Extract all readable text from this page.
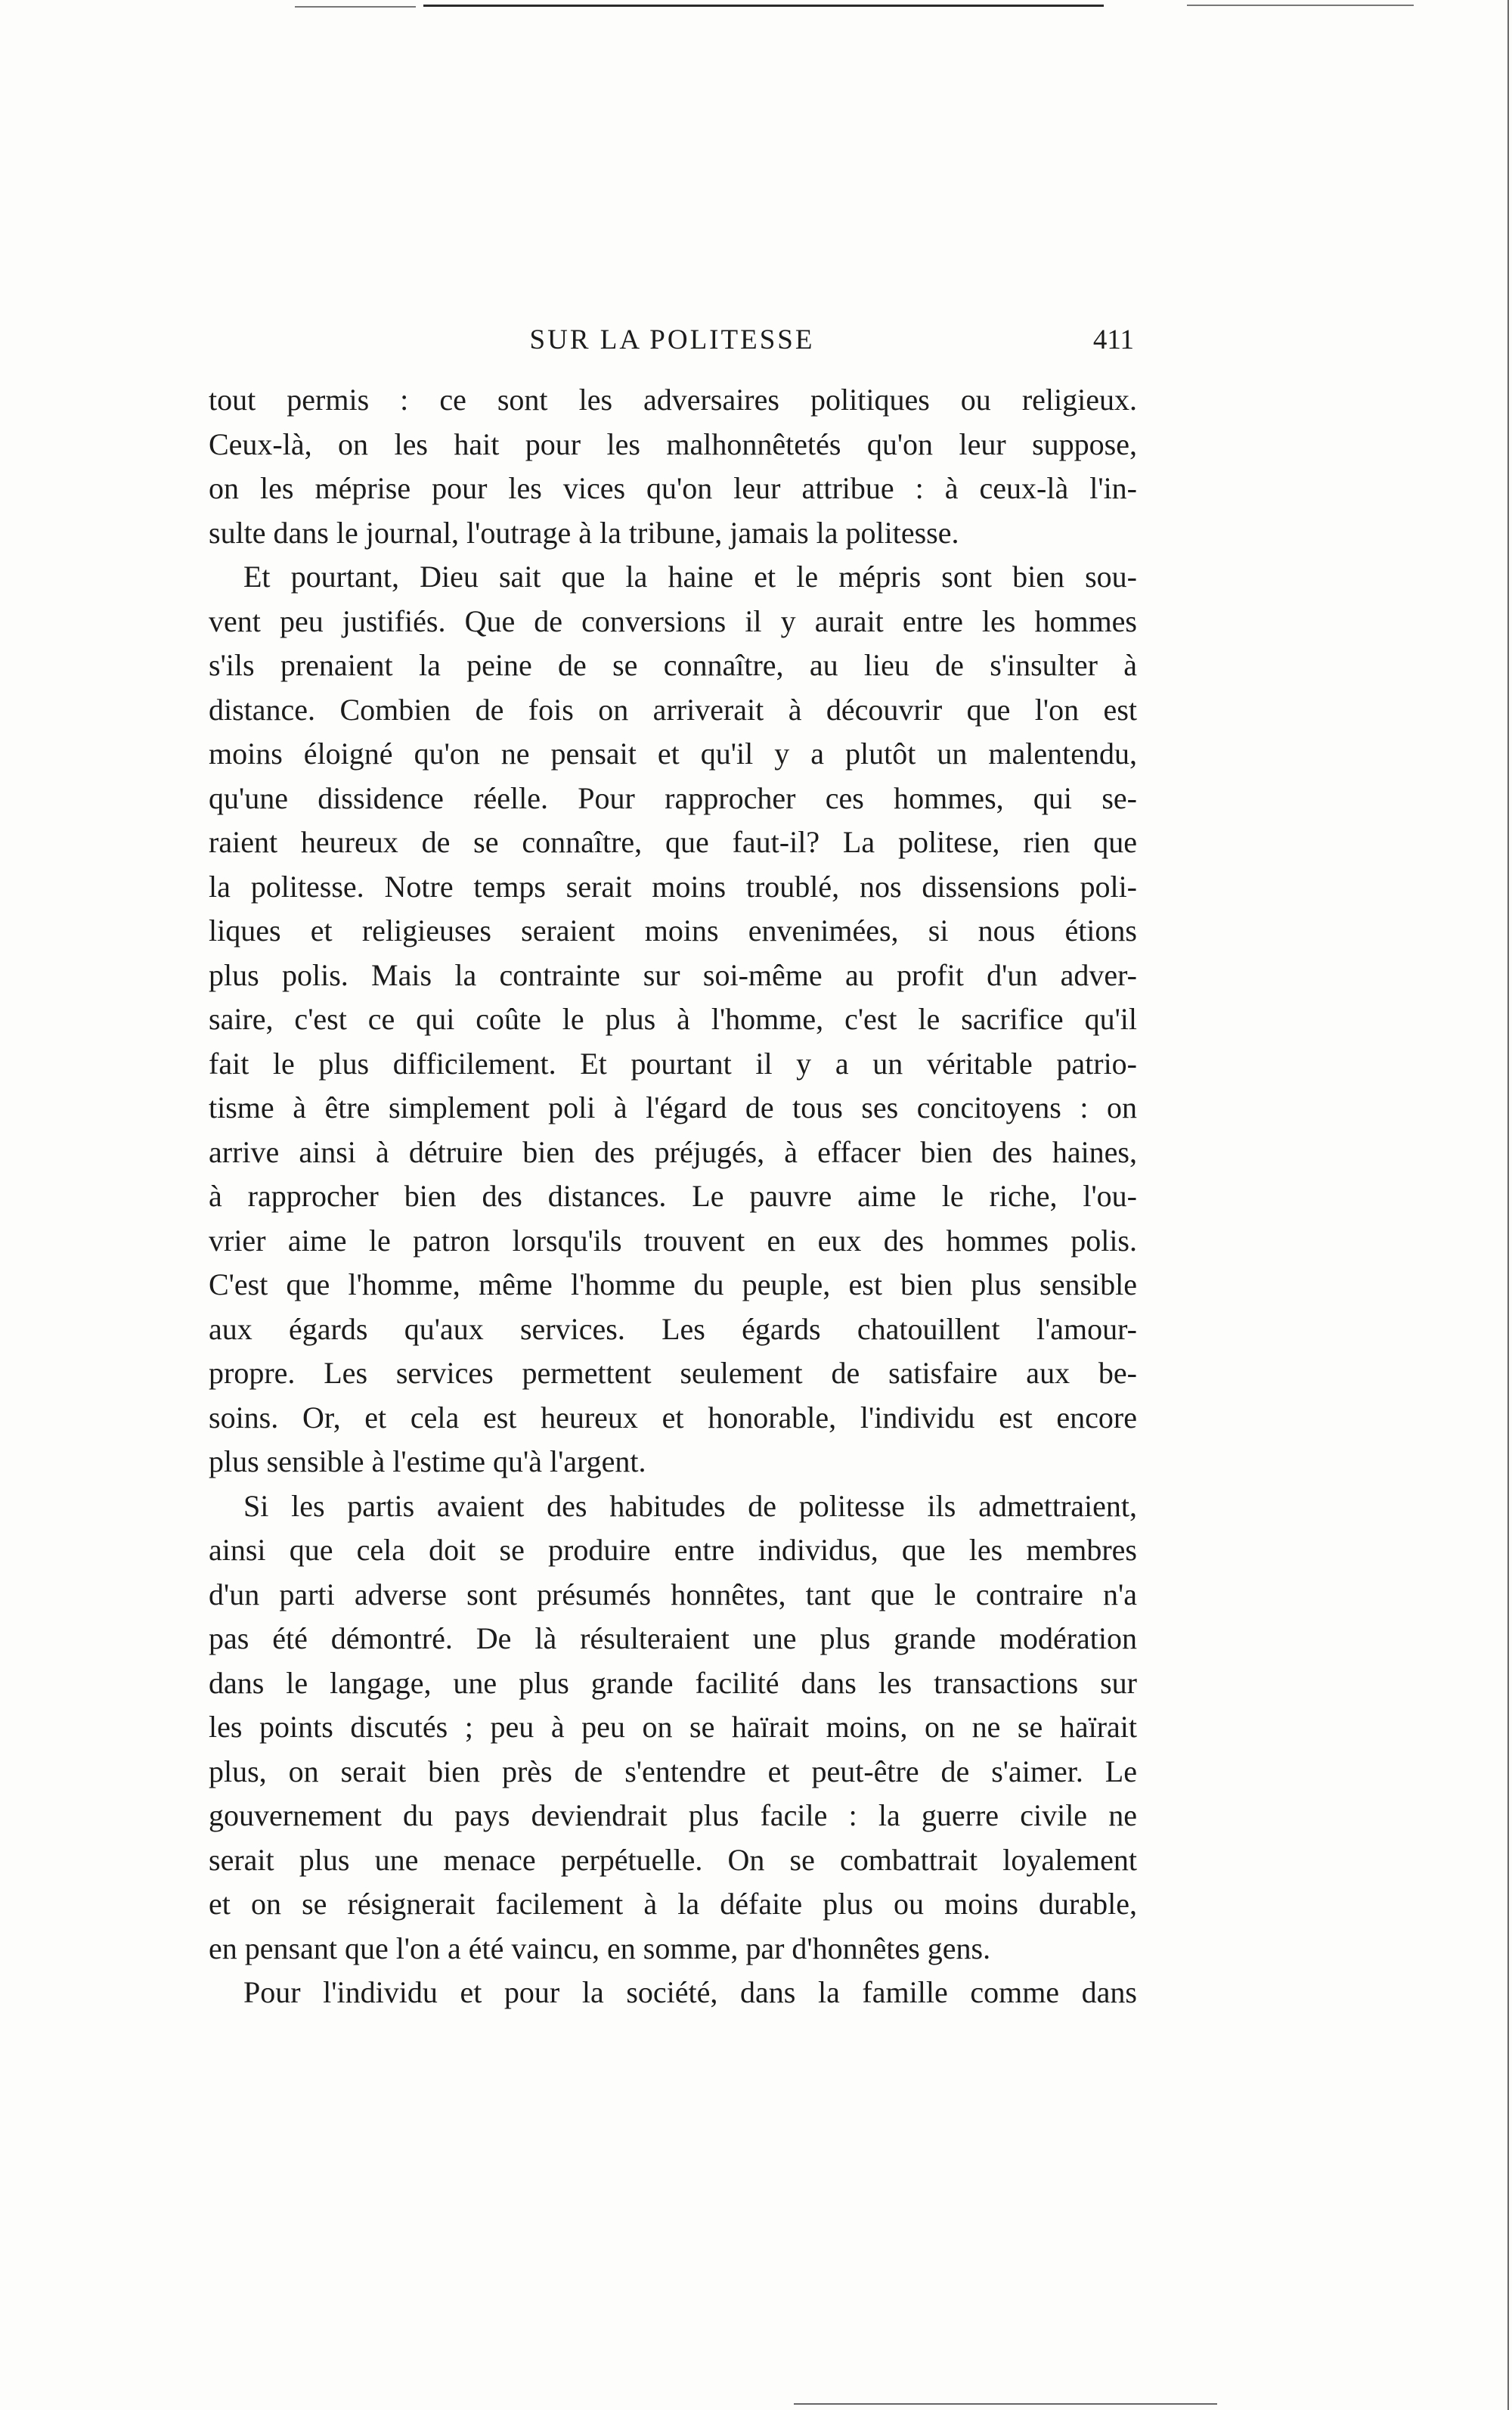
SUR LA POLITESSE	411
tout permis : ce sont les adversaires politiques ou religieux.
Ceux-là, on les hait pour les malhonnêtetés qu'on leur suppose,
on les méprise pour les vices qu'on leur attribue : à ceux-là l'in-
sulte dans le journal, l'outrage à la tribune, jamais la politesse.
Et pourtant, Dieu sait que la haine et le mépris sont bien sou-
vent peu justifiés. Que de conversions il y aurait entre les hommes
s'ils prenaient la peine de se connaître, au lieu de s'insulter à
distance. Combien de fois on arriverait à découvrir que l'on est
moins éloigné qu'on ne pensait et qu'il y a plutôt un malentendu,
qu'une dissidence réelle. Pour rapprocher ces hommes, qui se-
raient heureux de se connaître, que faut-il? La politese, rien que
la politesse. Notre temps serait moins troublé, nos dissensions poli-
liques et religieuses seraient moins envenimées, si nous étions
plus polis. Mais la contrainte sur soi-même au profit d'un adver-
saire, c'est ce qui coûte le plus à l'homme, c'est le sacrifice qu'il
fait le plus difficilement. Et pourtant il y a un véritable patrio-
tisme à être simplement poli à l'égard de tous ses concitoyens : on
arrive ainsi à détruire bien des préjugés, à effacer bien des haines,
à rapprocher bien des distances. Le pauvre aime le riche, l'ou-
vrier aime le patron lorsqu'ils trouvent en eux des hommes polis.
C'est que l'homme, même l'homme du peuple, est bien plus sensible
aux égards qu'aux services. Les égards chatouillent l'amour-
propre. Les services permettent seulement de satisfaire aux be-
soins. Or, et cela est heureux et honorable, l'individu est encore
plus sensible à l'estime qu'à l'argent.
Si les partis avaient des habitudes de politesse ils admettraient,
ainsi que cela doit se produire entre individus, que les membres
d'un parti adverse sont présumés honnêtes, tant que le contraire n'a
pas été démontré. De là résulteraient une plus grande modération
dans le langage, une plus grande facilité dans les transactions sur
les points discutés ; peu à peu on se haïrait moins, on ne se haïrait
plus, on serait bien près de s'entendre et peut-être de s'aimer. Le
gouvernement du pays deviendrait plus facile : la guerre civile ne
serait plus une menace perpétuelle. On se combattrait loyalement
et on se résignerait facilement à la défaite plus ou moins durable,
en pensant que l'on a été vaincu, en somme, par d'honnêtes gens.
Pour l'individu et pour la société, dans la famille comme dans
